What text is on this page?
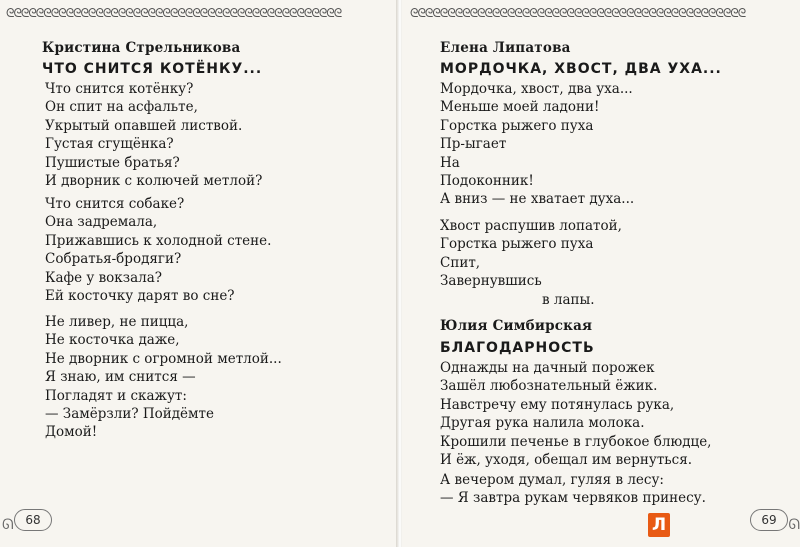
ᘓᘓᘓᘓᘓᘓᘓᘓᘓᘓᘓᘓᘓᘓᘓᘓᘓᘓᘓᘓᘓᘓᘓᘓᘓᘓᘓᘓᘓᘓᘓᘓᘓᘓᘓᘓᘓᘓᘓᘓᘓᘓᘓᘓᘓ
Кристина Стрельникова
ЧТО СНИТСЯ КОТЁНКУ...
Что снится котёнку?
Он спит на асфальте,
Укрытый опавшей листвой.
Густая сгущёнка?
Пушистые братья?
И дворник с колючей метлой?
Что снится собаке?
Она задремала,
Прижавшись к холодной стене.
Собратья-бродяги?
Кафе у вокзала?
Ей косточку дарят во сне?
Не ливер, не пицца,
Не косточка даже,
Не дворник с огромной метлой...
Я знаю, им снится —
Погладят и скажут:
— Замёрзли? Пойдёмте
Домой!
ᘏ	68
ᘓᘓᘓᘓᘓᘓᘓᘓᘓᘓᘓᘓᘓᘓᘓᘓᘓᘓᘓᘓᘓᘓᘓᘓᘓᘓᘓᘓᘓᘓᘓᘓᘓᘓᘓᘓᘓᘓᘓᘓᘓᘓᘓᘓᘓ
Елена Липатова
МОРДОЧКА, ХВОСТ, ДВА УХА...
Мордочка, хвост, два уха...
Меньше моей ладони!
Горстка рыжего пуха
Пр-ыгает
На
Подоконник!
А вниз — не хватает духа...
Хвост распушив лопатой,
Горстка рыжего пуха
Спит,
Завернувшись
в лапы.
Юлия Симбирская
БЛАГОДАРНОСТЬ
Однажды на дачный порожек
Зашёл любознательный ёжик.
Навстречу ему потянулась рука,
Другая рука налила молока.
Крошили печенье в глубокое блюдце,
И ёж, уходя, обещал им вернуться.
А вечером думал, гуляя в лесу:
— Я завтра рукам червяков принесу.
69 ᘏ
Л
